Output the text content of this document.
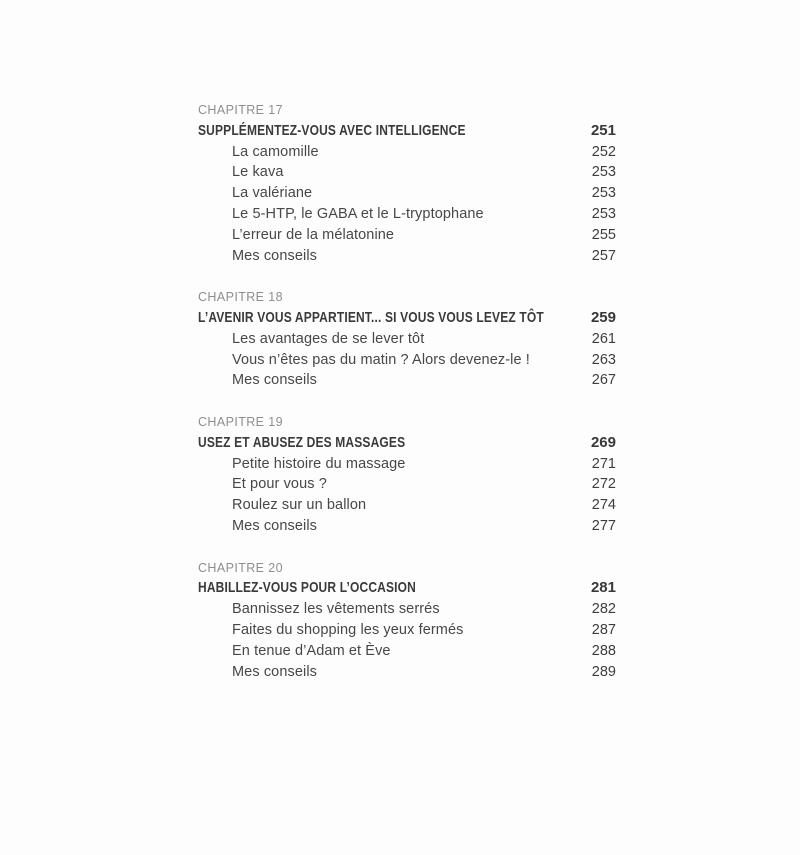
CHAPITRE 17
SUPPLÉMENTEZ-VOUS AVEC INTELLIGENCE	251
La camomille	252
Le kava	253
La valériane	253
Le 5-HTP, le GABA et le L-tryptophane	253
L’erreur de la mélatonine	255
Mes conseils	257
CHAPITRE 18
L’AVENIR VOUS APPARTIENT... SI VOUS VOUS LEVEZ TÔT	259
Les avantages de se lever tôt	261
Vous n’êtes pas du matin ? Alors devenez-le !	263
Mes conseils	267
CHAPITRE 19
USEZ ET ABUSEZ DES MASSAGES	269
Petite histoire du massage	271
Et pour vous ?	272
Roulez sur un ballon	274
Mes conseils	277
CHAPITRE 20
HABILLEZ-VOUS POUR L’OCCASION	281
Bannissez les vêtements serrés	282
Faites du shopping les yeux fermés	287
En tenue d’Adam et Ève	288
Mes conseils	289
